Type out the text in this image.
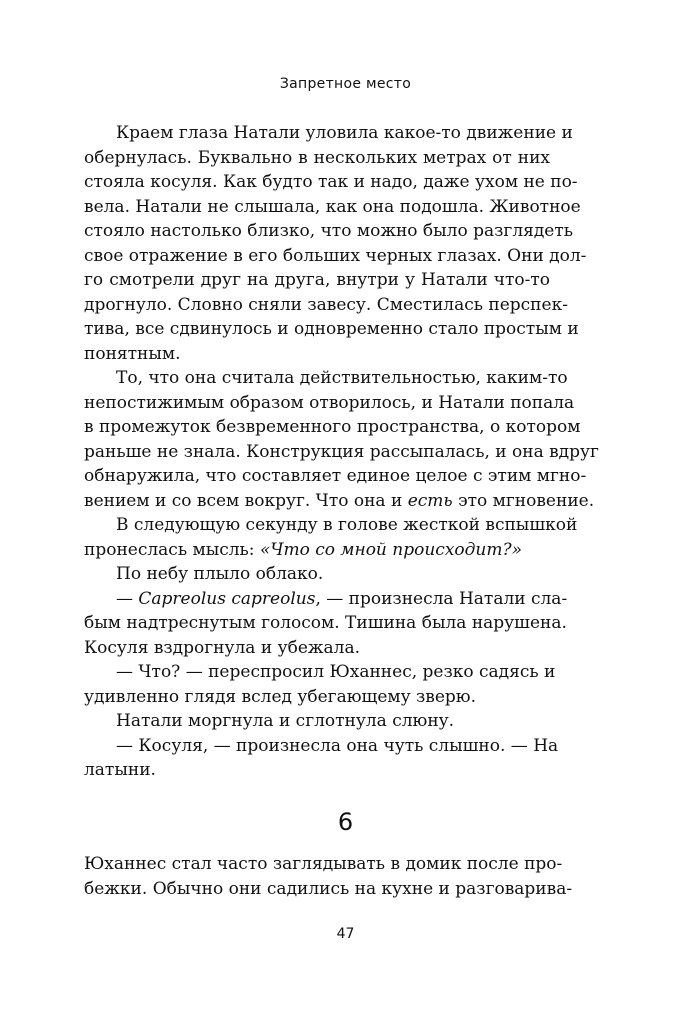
Запретное место
Краем глаза Натали уловила какое-то движение и
обернулась. Буквально в нескольких метрах от них
стояла косуля. Как будто так и надо, даже ухом не по-
вела. Натали не слышала, как она подошла. Животное
стояло настолько близко, что можно было разглядеть
свое отражение в его больших черных глазах. Они дол-
го смотрели друг на друга, внутри у Натали что-то
дрогнуло. Словно сняли завесу. Сместилась перспек-
тива, все сдвинулось и одновременно стало простым и
понятным.
То, что она считала действительностью, каким-то
непостижимым образом отворилось, и Натали попала
в промежуток безвременного пространства, о котором
раньше не знала. Конструкция рассыпалась, и она вдруг
обнаружила, что составляет единое целое с этим мгно-
вением и со всем вокруг. Что она и есть это мгновение.
В следующую секунду в голове жесткой вспышкой
пронеслась мысль: «Что со мной происходит?»
По небу плыло облако.
— Capreolus capreolus, — произнесла Натали сла-
бым надтреснутым голосом. Тишина была нарушена.
Косуля вздрогнула и убежала.
— Что? — переспросил Юханнес, резко садясь и
удивленно глядя вслед убегающему зверю.
Натали моргнула и сглотнула слюну.
— Косуля, — произнесла она чуть слышно. — На
латыни.
6
Юханнес стал часто заглядывать в домик после про-
бежки. Обычно они садились на кухне и разговарива-
47
